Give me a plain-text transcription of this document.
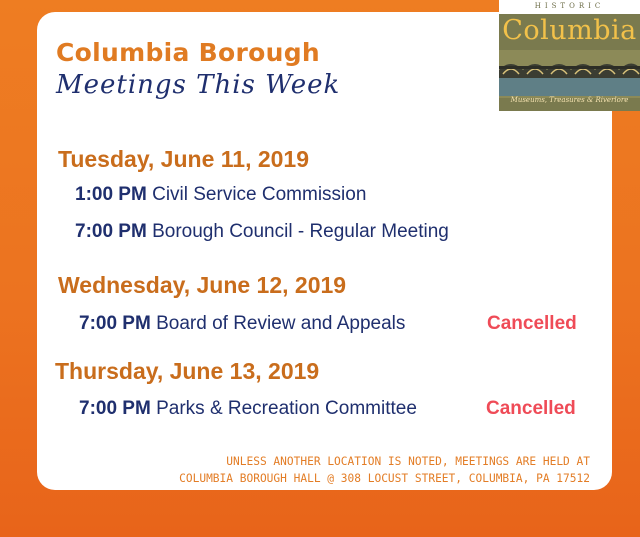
Columbia Borough
Meetings This Week
HISTORIC
Columbia
Museums, Treasures & Riverlore
Tuesday, June 11, 2019
1:00 PM Civil Service Commission
7:00 PM Borough Council - Regular Meeting
Wednesday, June 12, 2019
7:00 PM Board of Review and Appeals	Cancelled
Thursday, June 13, 2019
7:00 PM Parks & Recreation Committee	Cancelled
UNLESS ANOTHER LOCATION IS NOTED, MEETINGS ARE HELD AT
COLUMBIA BOROUGH HALL @ 308 LOCUST STREET, COLUMBIA, PA 17512
